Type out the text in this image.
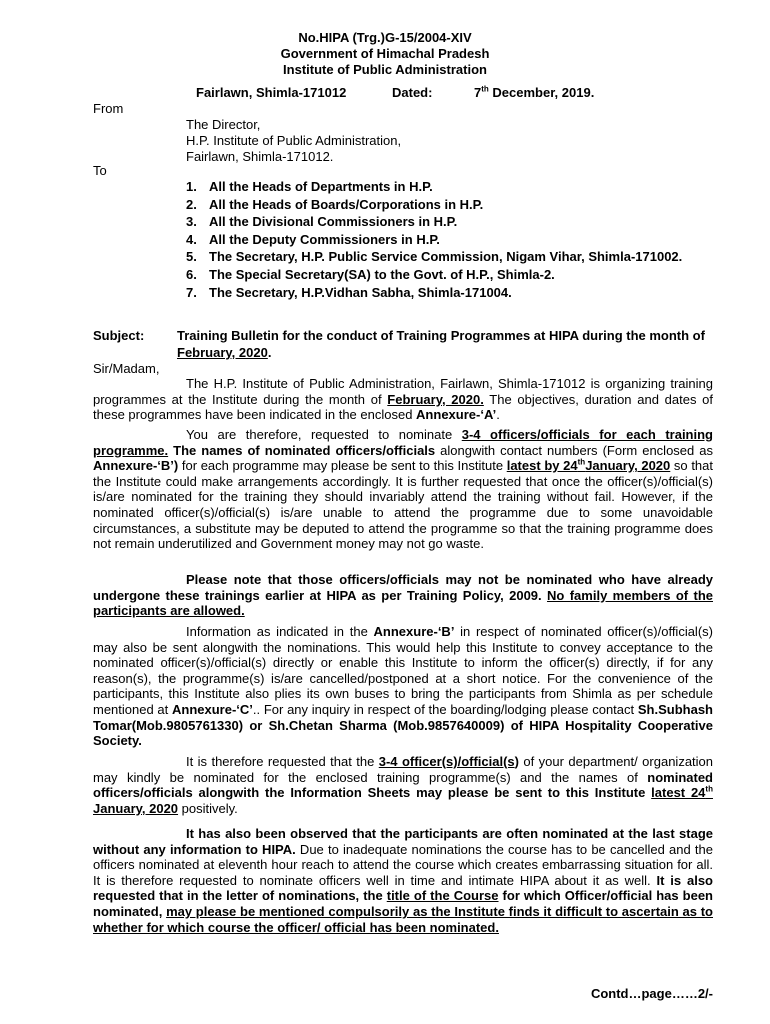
No.HIPA (Trg.)G-15/2004-XIV
Government of Himachal Pradesh
Institute of Public Administration
Fairlawn, Shimla-171012	Dated:	7th December, 2019.
From
The Director,
H.P. Institute of Public Administration,
Fairlawn, Shimla-171012.
To
1. All the Heads of Departments in H.P.
2. All the Heads of Boards/Corporations in H.P.
3. All the Divisional Commissioners in H.P.
4. All the Deputy Commissioners in H.P.
5. The Secretary, H.P. Public Service Commission, Nigam Vihar, Shimla-171002.
6. The Special Secretary(SA) to the Govt. of H.P., Shimla-2.
7. The Secretary, H.P.Vidhan Sabha, Shimla-171004.
Subject:	Training Bulletin for the conduct of Training Programmes at HIPA during the month of February, 2020.
Sir/Madam,

The H.P. Institute of Public Administration, Fairlawn, Shimla-171012 is organizing training programmes at the Institute during the month of February, 2020. The objectives, duration and dates of these programmes have been indicated in the enclosed Annexure-‘A’.

You are therefore, requested to nominate 3-4 officers/officials for each training programme. The names of nominated officers/officials alongwith contact numbers (Form enclosed as Annexure-‘B’) for each programme may please be sent to this Institute latest by 24thJanuary, 2020 so that the Institute could make arrangements accordingly. It is further requested that once the officer(s)/official(s) is/are nominated for the training they should invariably attend the training without fail. However, if the nominated officer(s)/official(s) is/are unable to attend the programme due to some unavoidable circumstances, a substitute may be deputed to attend the programme so that the training programme does not remain underutilized and Government money may not go waste.

Please note that those officers/officials may not be nominated who have already undergone these trainings earlier at HIPA as per Training Policy, 2009. No family members of the participants are allowed.

Information as indicated in the Annexure-‘B’ in respect of nominated officer(s)/official(s) may also be sent alongwith the nominations. This would help this Institute to convey acceptance to the nominated officer(s)/official(s) directly or enable this Institute to inform the officer(s) directly, if for any reason(s), the programme(s) is/are cancelled/postponed at a short notice. For the convenience of the participants, this Institute also plies its own buses to bring the participants from Shimla as per schedule mentioned at Annexure-‘C’.. For any inquiry in respect of the boarding/lodging please contact Sh.Subhash Tomar(Mob.9805761330) or Sh.Chetan Sharma (Mob.9857640009) of HIPA Hospitality Cooperative Society.

It is therefore requested that the 3-4 officer(s)/official(s) of your department/ organization may kindly be nominated for the enclosed training programme(s) and the names of nominated officers/officials alongwith the Information Sheets may please be sent to this Institute latest 24th January, 2020 positively.

It has also been observed that the participants are often nominated at the last stage without any information to HIPA. Due to inadequate nominations the course has to be cancelled and the officers nominated at eleventh hour reach to attend the course which creates embarrassing situation for all. It is therefore requested to nominate officers well in time and intimate HIPA about it as well. It is also requested that in the letter of nominations, the title of the Course for which Officer/official has been nominated, may please be mentioned compulsorily as the Institute finds it difficult to ascertain as to whether for which course the officer/ official has been nominated.

Contd…page……2/-
